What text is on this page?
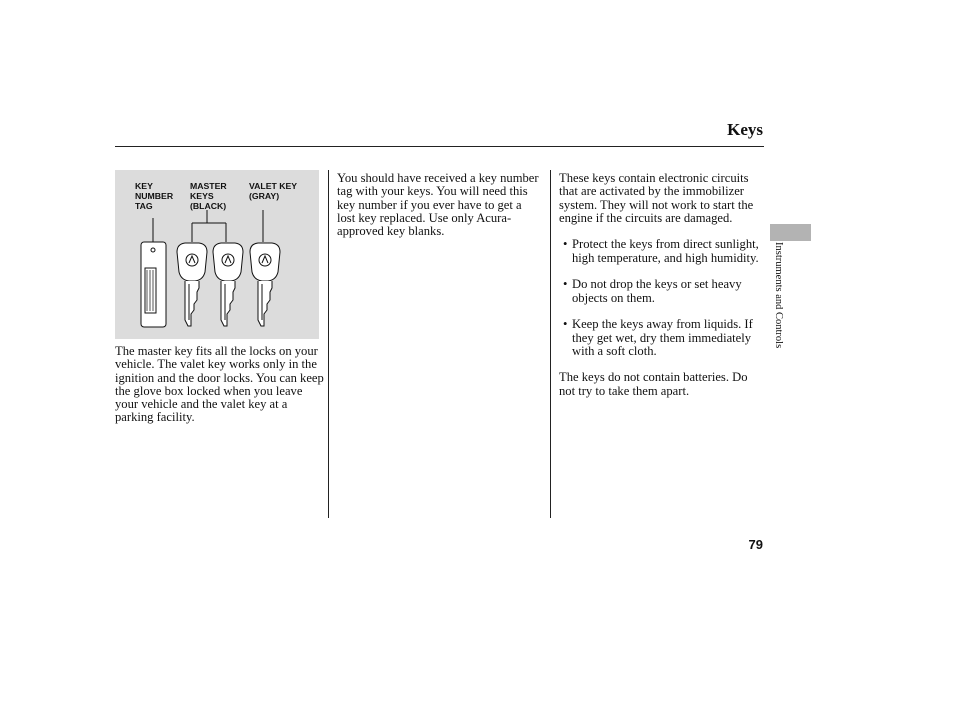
Keys
KEY
NUMBER
TAG
MASTER
KEYS
(BLACK)
VALET KEY
(GRAY)

The master key fits all the locks on your vehicle. The valet key works only in the ignition and the door locks. You can keep the glove box locked when you leave your vehicle and the valet key at a parking facility.

You should have received a key number tag with your keys. You will need this key number if you ever have to get a lost key replaced. Use only Acura-approved key blanks.

These keys contain electronic circuits that are activated by the immobilizer system. They will not work to start the engine if the circuits are damaged.

• Protect the keys from direct sunlight, high temperature, and high humidity.
• Do not drop the keys or set heavy objects on them.
• Keep the keys away from liquids. If they get wet, dry them immediately with a soft cloth.

The keys do not contain batteries. Do not try to take them apart.

Instruments and Controls
79
